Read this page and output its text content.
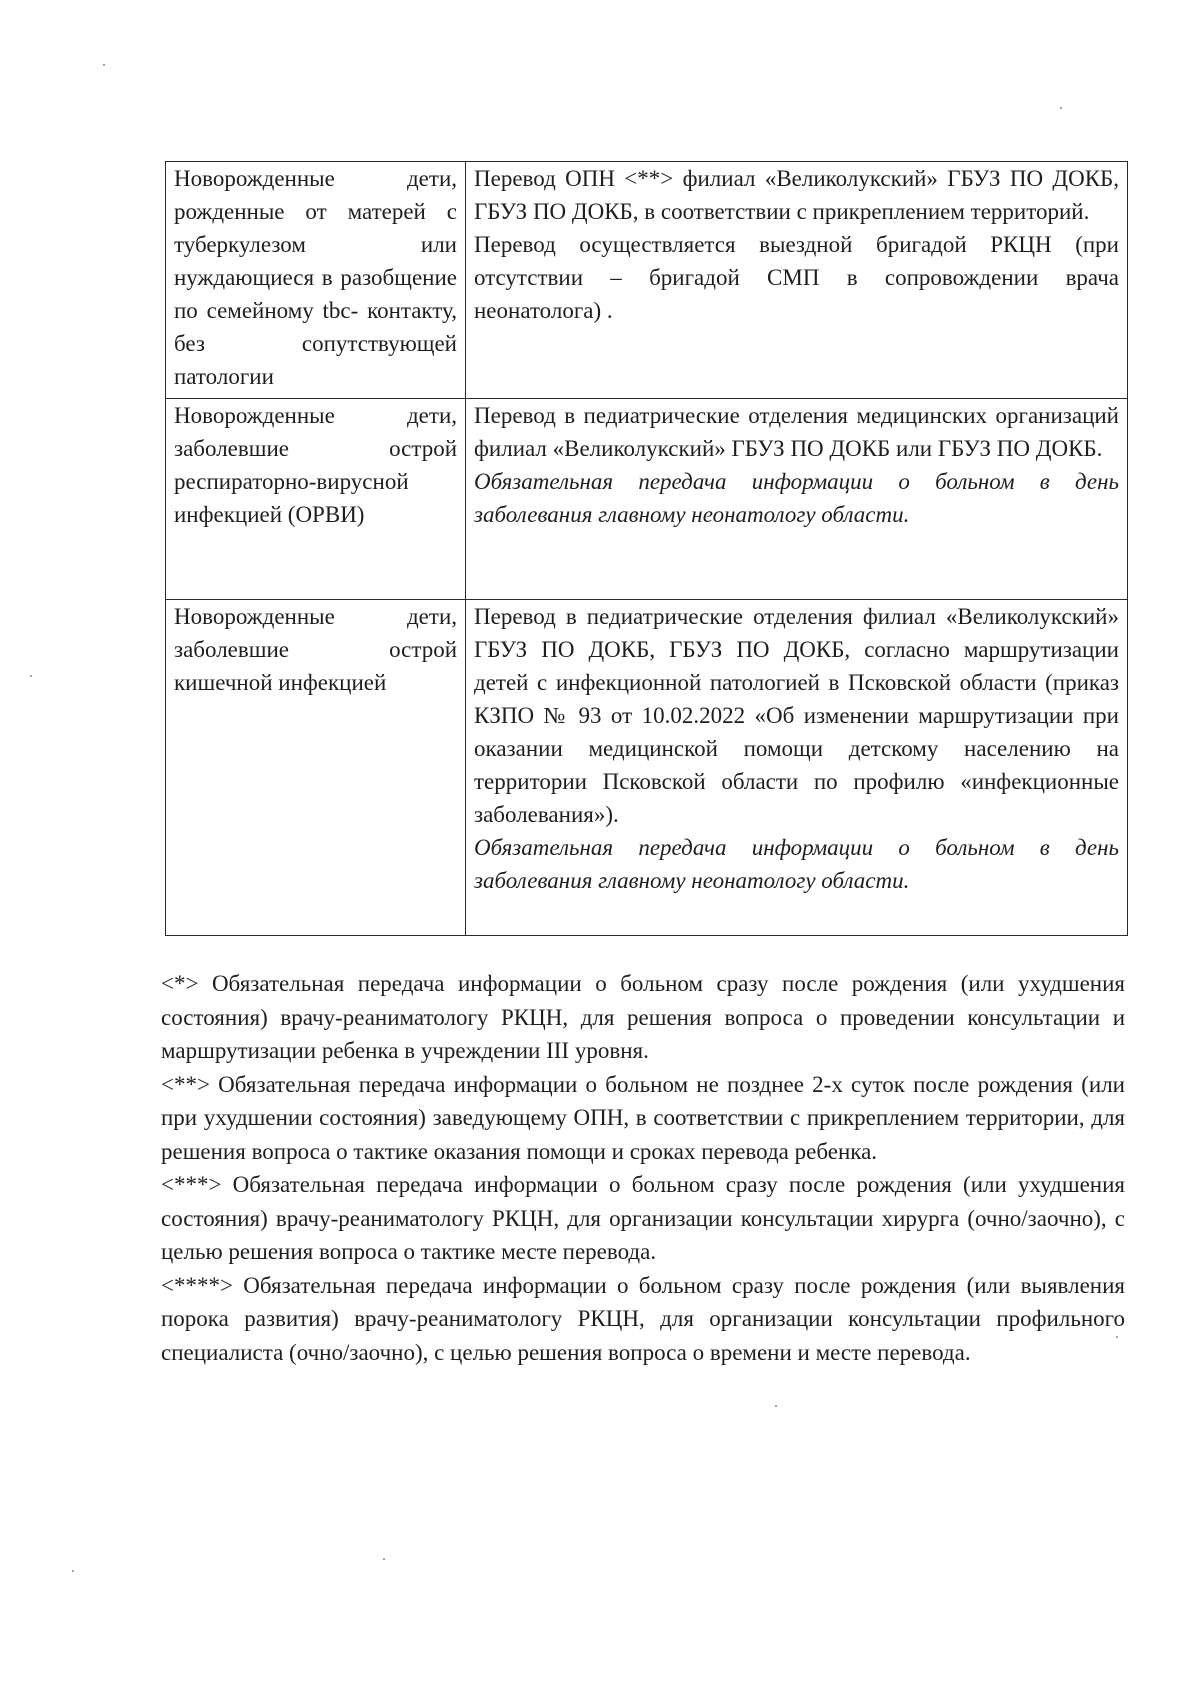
Новорожденные дети, рожденные от матерей с туберкулезом или нуждающиеся в разобщение по семейному tbc- контакту, без сопутствующей патологии	Перевод ОПН <**> филиал «Великолукский» ГБУЗ ПО ДОКБ, ГБУЗ ПО ДОКБ, в соответствии с прикреплением территорий.
Перевод осуществляется выездной бригадой РКЦН (при отсутствии – бригадой СМП в сопровождении врача неонатолога) .

Новорожденные дети, заболевшие острой респираторно-вирусной инфекцией (ОРВИ)	Перевод в педиатрические отделения медицинских организаций филиал «Великолукский» ГБУЗ ПО ДОКБ или ГБУЗ ПО ДОКБ.
Обязательная передача информации о больном в день заболевания главному неонатологу области.

Новорожденные дети, заболевшие острой кишечной инфекцией	Перевод в педиатрические отделения филиал «Великолукский» ГБУЗ ПО ДОКБ, ГБУЗ ПО ДОКБ, согласно маршрутизации детей с инфекционной патологией в Псковской области (приказ КЗПО № 93 от 10.02.2022 «Об изменении маршрутизации при оказании медицинской помощи детскому населению на территории Псковской области по профилю «инфекционные заболевания»).
Обязательная передача информации о больном в день заболевания главному неонатологу области.

<*> Обязательная передача информации о больном сразу после рождения (или ухудшения состояния) врачу-реаниматологу РКЦН, для решения вопроса о проведении консультации и маршрутизации ребенка в учреждении III уровня.

<**> Обязательная передача информации о больном не позднее 2-х суток после рождения (или при ухудшении состояния) заведующему ОПН, в соответствии с прикреплением территории, для решения вопроса о тактике оказания помощи и сроках перевода ребенка.

<***> Обязательная передача информации о больном сразу после рождения (или ухудшения состояния) врачу-реаниматологу РКЦН, для организации консультации хирурга (очно/заочно), с целью решения вопроса о тактике месте перевода.

<****> Обязательная передача информации о больном сразу после рождения (или выявления порока развития) врачу-реаниматологу РКЦН, для организации консультации профильного специалиста (очно/заочно), с целью решения вопроса о времени и месте перевода.
